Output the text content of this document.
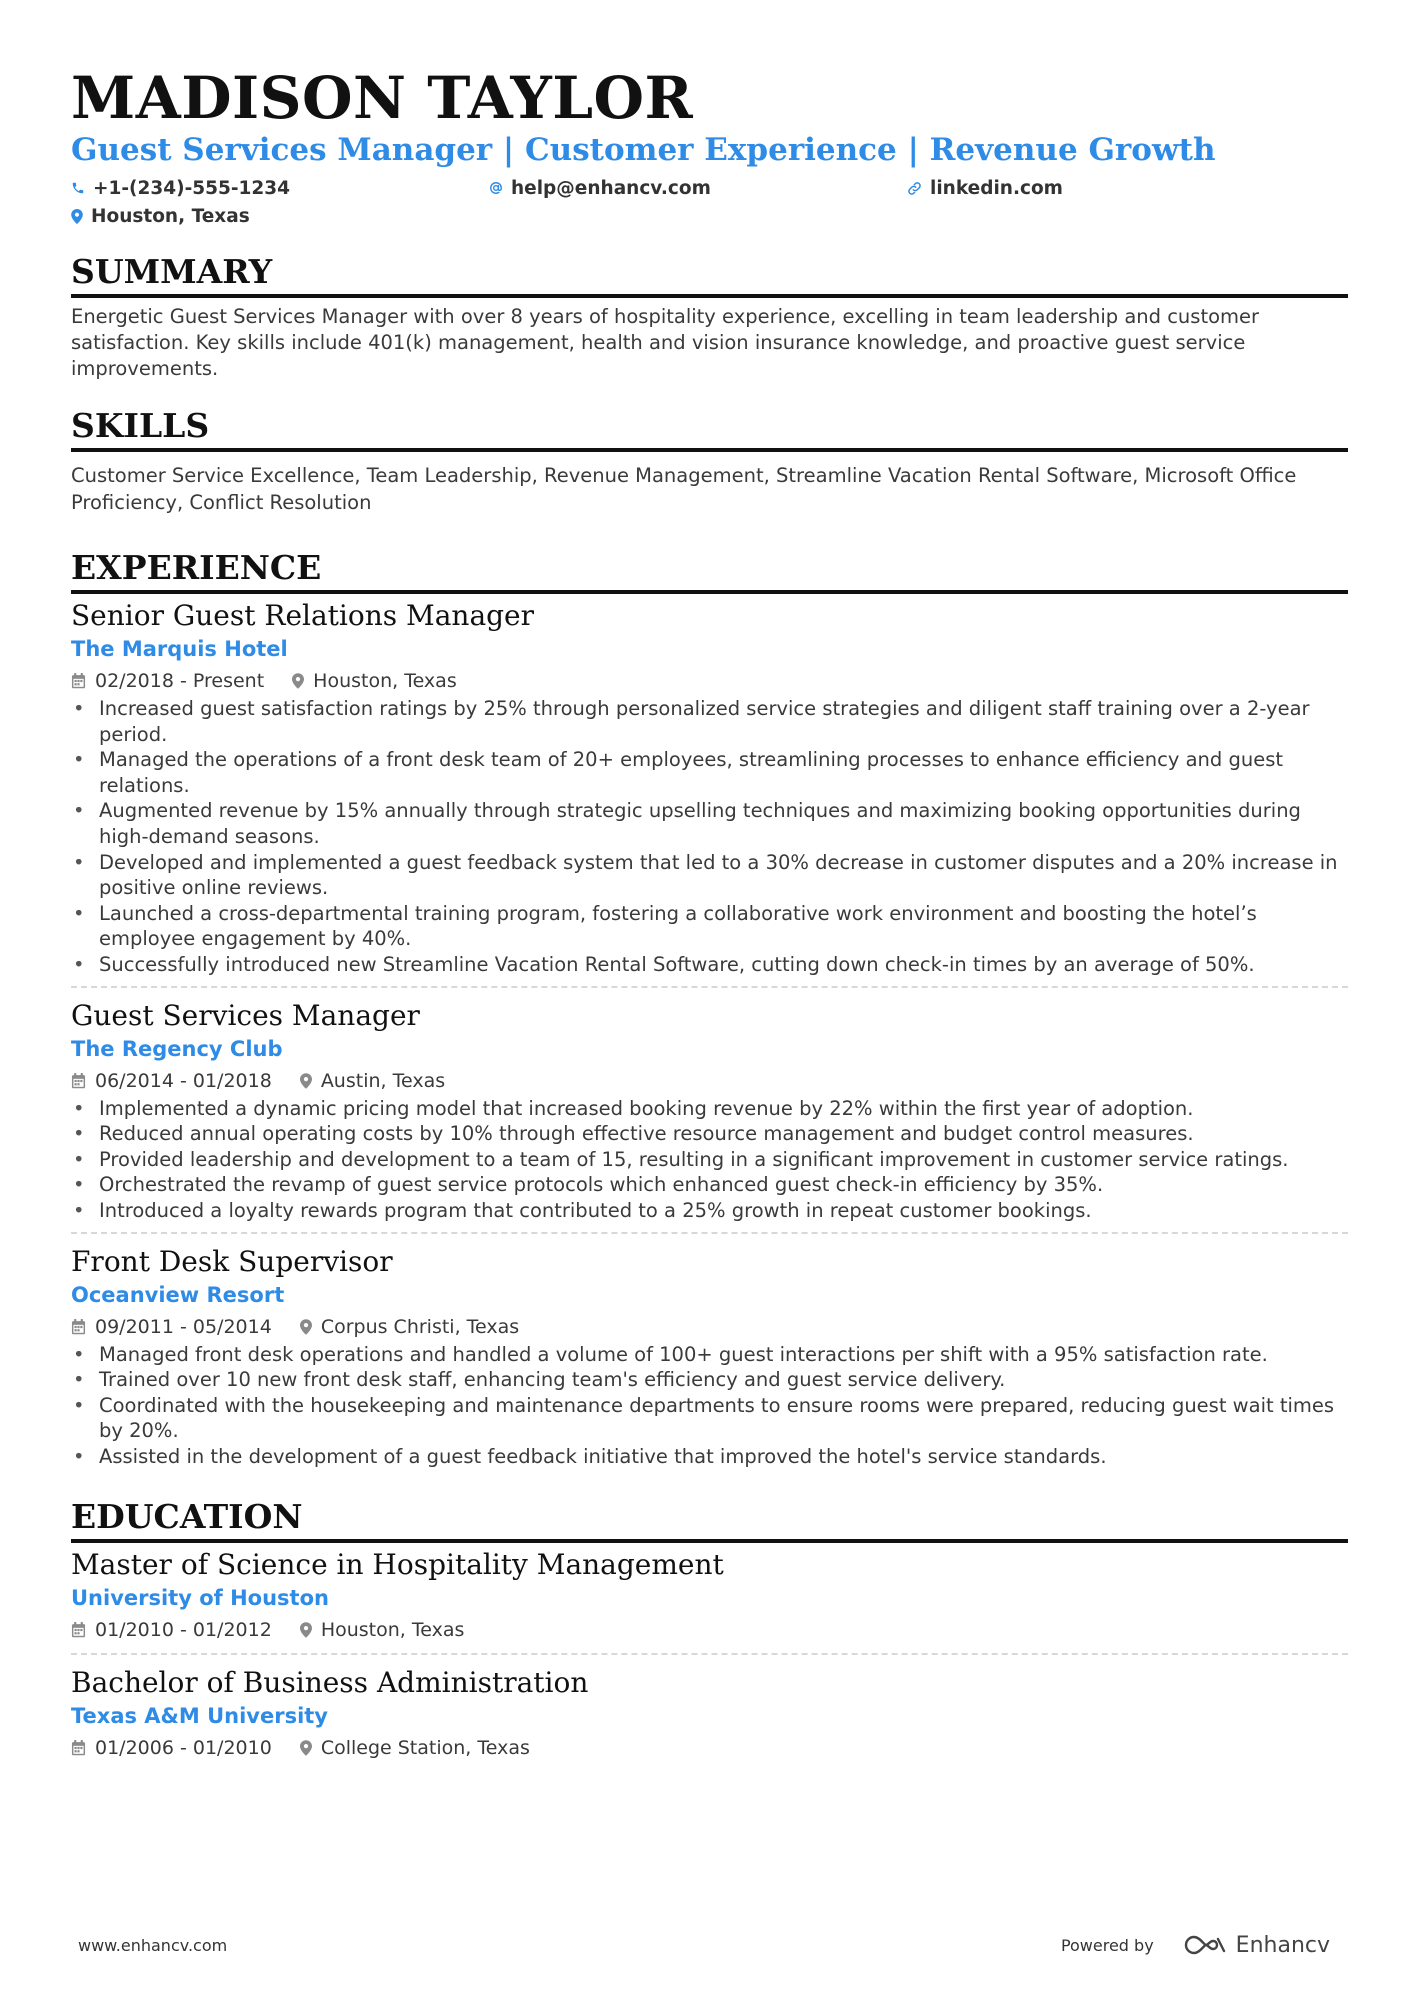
MADISON TAYLOR
Guest Services Manager | Customer Experience | Revenue Growth
+1-(234)-555-1234	help@enhancv.com	linkedin.com
Houston, Texas
SUMMARY
Energetic Guest Services Manager with over 8 years of hospitality experience, excelling in team leadership and customer satisfaction. Key skills include 401(k) management, health and vision insurance knowledge, and proactive guest service improvements.
SKILLS
Customer Service Excellence, Team Leadership, Revenue Management, Streamline Vacation Rental Software, Microsoft Office Proficiency, Conflict Resolution
EXPERIENCE
Senior Guest Relations Manager
The Marquis Hotel
02/2018 - Present	Houston, Texas
• Increased guest satisfaction ratings by 25% through personalized service strategies and diligent staff training over a 2-year period.
• Managed the operations of a front desk team of 20+ employees, streamlining processes to enhance efficiency and guest relations.
• Augmented revenue by 15% annually through strategic upselling techniques and maximizing booking opportunities during high-demand seasons.
• Developed and implemented a guest feedback system that led to a 30% decrease in customer disputes and a 20% increase in positive online reviews.
• Launched a cross-departmental training program, fostering a collaborative work environment and boosting the hotel’s employee engagement by 40%.
• Successfully introduced new Streamline Vacation Rental Software, cutting down check-in times by an average of 50%.
Guest Services Manager
The Regency Club
06/2014 - 01/2018	Austin, Texas
• Implemented a dynamic pricing model that increased booking revenue by 22% within the first year of adoption.
• Reduced annual operating costs by 10% through effective resource management and budget control measures.
• Provided leadership and development to a team of 15, resulting in a significant improvement in customer service ratings.
• Orchestrated the revamp of guest service protocols which enhanced guest check-in efficiency by 35%.
• Introduced a loyalty rewards program that contributed to a 25% growth in repeat customer bookings.
Front Desk Supervisor
Oceanview Resort
09/2011 - 05/2014	Corpus Christi, Texas
• Managed front desk operations and handled a volume of 100+ guest interactions per shift with a 95% satisfaction rate.
• Trained over 10 new front desk staff, enhancing team's efficiency and guest service delivery.
• Coordinated with the housekeeping and maintenance departments to ensure rooms were prepared, reducing guest wait times by 20%.
• Assisted in the development of a guest feedback initiative that improved the hotel's service standards.
EDUCATION
Master of Science in Hospitality Management
University of Houston
01/2010 - 01/2012	Houston, Texas
Bachelor of Business Administration
Texas A&M University
01/2006 - 01/2010	College Station, Texas
www.enhancv.com	Powered by	Enhancv
